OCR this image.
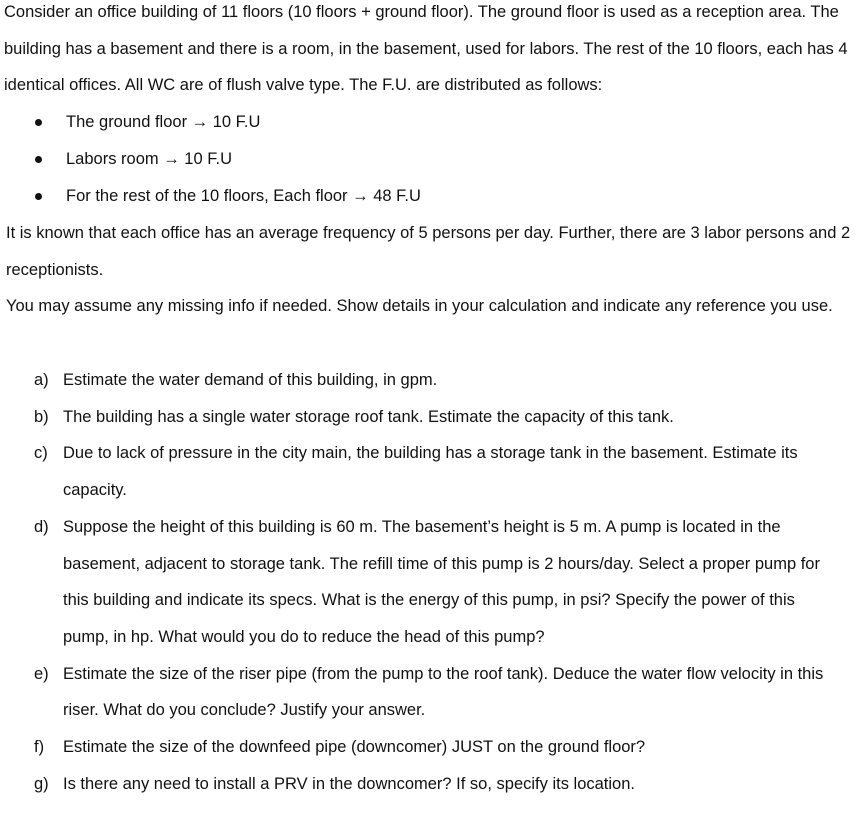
Consider an office building of 11 floors (10 floors + ground floor). The ground floor is used as a reception area. The building has a basement and there is a room, in the basement, used for labors. The rest of the 10 floors, each has 4 identical offices. All WC are of flush valve type. The F.U. are distributed as follows:

The ground floor → 10 F.U
Labors room → 10 F.U
For the rest of the 10 floors, Each floor → 48 F.U

It is known that each office has an average frequency of 5 persons per day. Further, there are 3 labor persons and 2 receptionists.

You may assume any missing info if needed. Show details in your calculation and indicate any reference you use.

a) Estimate the water demand of this building, in gpm.
b) The building has a single water storage roof tank. Estimate the capacity of this tank.
c) Due to lack of pressure in the city main, the building has a storage tank in the basement. Estimate its capacity.
d) Suppose the height of this building is 60 m. The basement’s height is 5 m. A pump is located in the basement, adjacent to storage tank. The refill time of this pump is 2 hours/day. Select a proper pump for this building and indicate its specs. What is the energy of this pump, in psi? Specify the power of this pump, in hp. What would you do to reduce the head of this pump?
e) Estimate the size of the riser pipe (from the pump to the roof tank). Deduce the water flow velocity in this riser. What do you conclude? Justify your answer.
f) Estimate the size of the downfeed pipe (downcomer) JUST on the ground floor?
g) Is there any need to install a PRV in the downcomer? If so, specify its location.
